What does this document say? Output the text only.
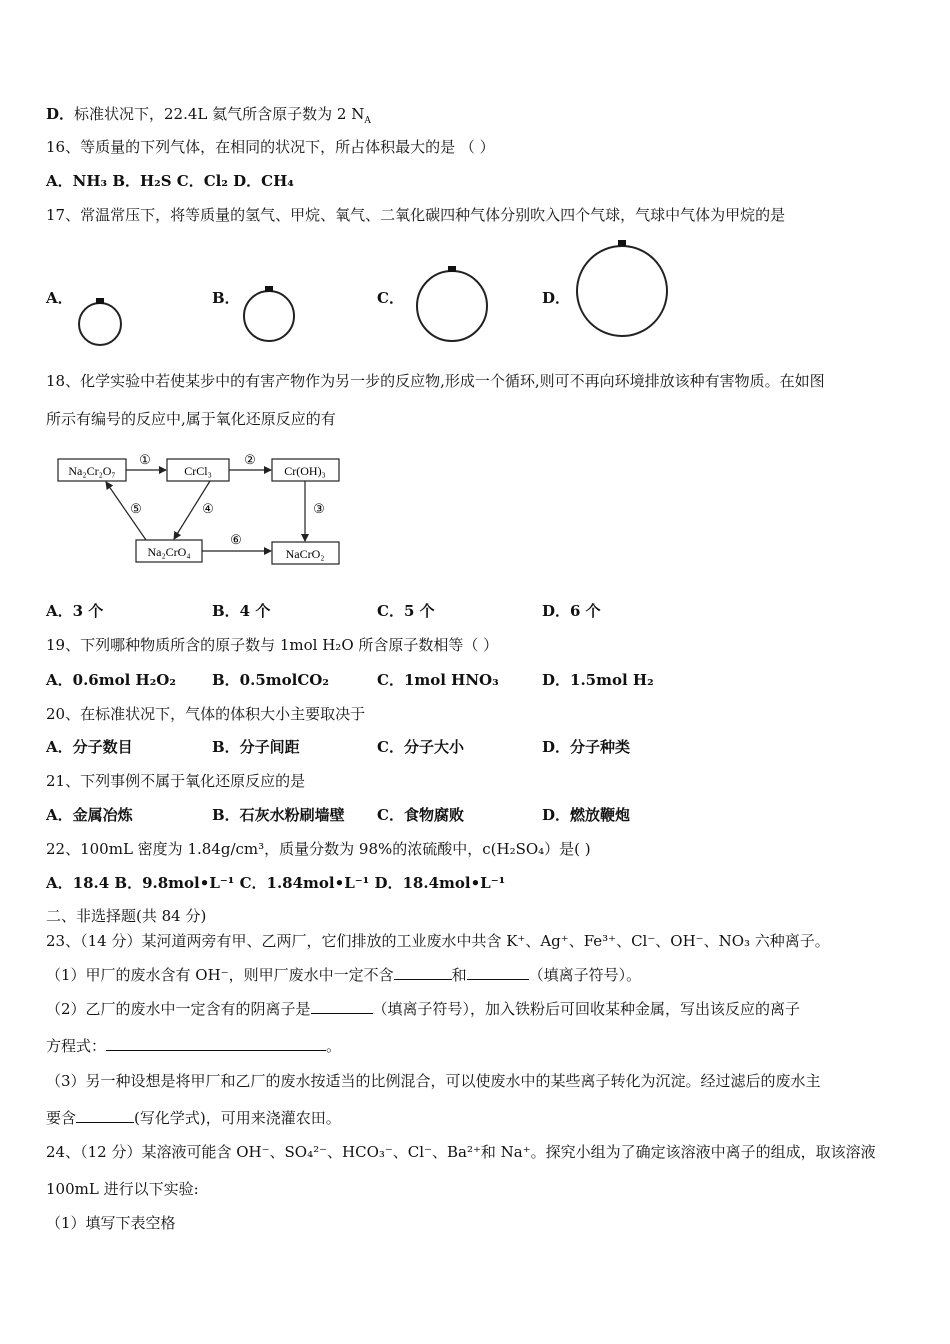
D．标准状况下，22.4L 氦气所含原子数为 2 $N_A$
16、等质量的下列气体，在相同的状况下，所占体积最大的是 （ ）
A．NH₃ B．H₂S C．Cl₂ D．CH₄
17、常温常压下，将等质量的氢气、甲烷、氧气、二氧化碳四种气体分别吹入四个气球，气球中气体为甲烷的是
A．	B．	C．	D．
18、化学实验中若使某步中的有害产物作为另一步的反应物,形成一个循环,则可不再向环境排放该种有害物质。在如图
所示有编号的反应中,属于氧化还原反应的有
Na₂Cr₂O₇	CrCl₃	Cr(OH)₃
Na₂CrO₄	NaCrO₂
①	②
③
④
⑤
⑥
A．3 个	B．4 个	C．5 个	D．6 个
19、下列哪种物质所含的原子数与 1mol H₂O 所含原子数相等（ ）
A．0.6mol H₂O₂ B．0.5molCO₂	C．1mol HNO₃	D．1.5mol H₂
20、在标准状况下，气体的体积大小主要取决于
A．分子数目	B．分子间距	C．分子大小	D．分子种类
21、下列事例不属于氧化还原反应的是
A．金属冶炼	B．石灰水粉刷墙壁 C．食物腐败	D．燃放鞭炮
22、100mL 密度为 1.84g/cm³，质量分数为 98%的浓硫酸中，c(H₂SO₄）是( )
A．18.4 B．9.8mol•L⁻¹ C．1.84mol•L⁻¹ D．18.4mol•L⁻¹
二、非选择题(共 84 分)
23、（14 分）某河道两旁有甲、乙两厂，它们排放的工业废水中共含 K⁺、Ag⁺、Fe³⁺、Cl⁻、OH⁻、NO₃ 六种离子。
（1）甲厂的废水含有 OH⁻，则甲厂废水中一定不含	和	（填离子符号）。
（2）乙厂的废水中一定含有的阴离子是	（填离子符号），加入铁粉后可回收某种金属，写出该反应的离子
方程式：	。
（3）另一种设想是将甲厂和乙厂的废水按适当的比例混合，可以使废水中的某些离子转化为沉淀。经过滤后的废水主
要含	(写化学式)，可用来浇灌农田。
24、（12 分）某溶液可能含 OH⁻、SO₄²⁻、HCO₃⁻、Cl⁻、Ba²⁺和 Na⁺。探究小组为了确定该溶液中离子的组成，取该溶液
100mL 进行以下实验:
（1）填写下表空格
